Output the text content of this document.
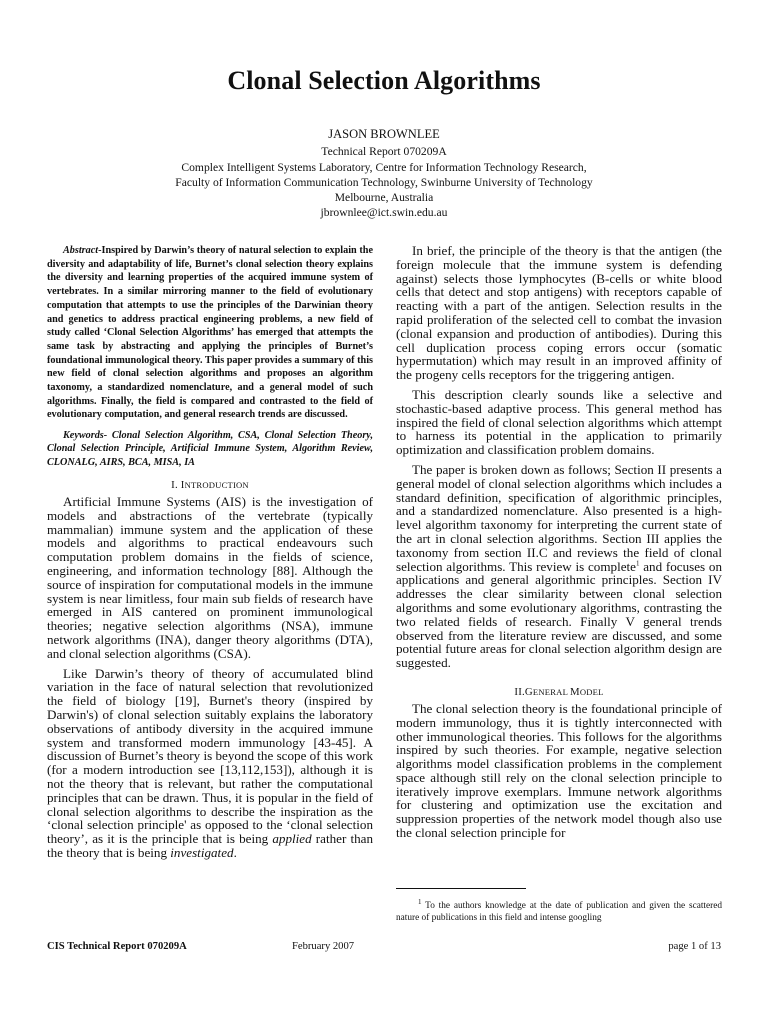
Clonal Selection Algorithms
JASON BROWNLEE
Technical Report 070209A
Complex Intelligent Systems Laboratory, Centre for Information Technology Research,
Faculty of Information Communication Technology, Swinburne University of Technology
Melbourne, Australia
jbrownlee@ict.swin.edu.au

Abstract-Inspired by Darwin’s theory of natural selection to explain the diversity and adaptability of life, Burnet’s clonal selection theory explains the diversity and learning properties of the acquired immune system of vertebrates. In a similar mirroring manner to the field of evolutionary computation that attempts to use the principles of the Darwinian theory and genetics to address practical engineering problems, a new field of study called ‘Clonal Selection Algorithms’ has emerged that attempts the same task by abstracting and applying the principles of Burnet’s foundational immunological theory. This paper provides a summary of this new field of clonal selection algorithms and proposes an algorithm taxonomy, a standardized nomenclature, and a general model of such algorithms. Finally, the field is compared and contrasted to the field of evolutionary computation, and general research trends are discussed.

Keywords- Clonal Selection Algorithm, CSA, Clonal Selection Theory, Clonal Selection Principle, Artificial Immune System, Algorithm Review, CLONALG, AIRS, BCA, MISA, IA

I. INTRODUCTION

Artificial Immune Systems (AIS) is the investigation of models and abstractions of the vertebrate (typically mammalian) immune system and the application of these models and algorithms to practical endeavours such computation problem domains in the fields of science, engineering, and information technology [88]. Although the source of inspiration for computational models in the immune system is near limitless, four main sub fields of research have emerged in AIS cantered on prominent immunological theories; negative selection algorithms (NSA), immune network algorithms (INA), danger theory algorithms (DTA), and clonal selection algorithms (CSA).

Like Darwin’s theory of theory of accumulated blind variation in the face of natural selection that revolutionized the field of biology [19], Burnet's theory (inspired by Darwin's) of clonal selection suitably explains the laboratory observations of antibody diversity in the acquired immune system and transformed modern immunology [43-45]. A discussion of Burnet’s theory is beyond the scope of this work (for a modern introduction see [13,112,153]), although it is not the theory that is relevant, but rather the computational principles that can be drawn. Thus, it is popular in the field of clonal selection algorithms to describe the inspiration as the ‘clonal selection principle' as opposed to the ‘clonal selection theory’, as it is the principle that is being applied rather than the theory that is being investigated.

In brief, the principle of the theory is that the antigen (the foreign molecule that the immune system is defending against) selects those lymphocytes (B-cells or white blood cells that detect and stop antigens) with receptors capable of reacting with a part of the antigen. Selection results in the rapid proliferation of the selected cell to combat the invasion (clonal expansion and production of antibodies). During this cell duplication process coping errors occur (somatic hypermutation) which may result in an improved affinity of the progeny cells receptors for the triggering antigen.

This description clearly sounds like a selective and stochastic-based adaptive process. This general method has inspired the field of clonal selection algorithms which attempt to harness its potential in the application to primarily optimization and classification problem domains.

The paper is broken down as follows; Section II presents a general model of clonal selection algorithms which includes a standard definition, specification of algorithmic principles, and a standardized nomenclature. Also presented is a high-level algorithm taxonomy for interpreting the current state of the art in clonal selection algorithms. Section III applies the taxonomy from section II.C and reviews the field of clonal selection algorithms. This review is complete$^1$ and focuses on applications and general algorithmic principles. Section IV addresses the clear similarity between clonal selection algorithms and some evolutionary algorithms, contrasting the two related fields of research. Finally V general trends observed from the literature review are discussed, and some potential future areas for clonal selection algorithm design are suggested.

II.GENERAL MODEL

The clonal selection theory is the foundational principle of modern immunology, thus it is tightly interconnected with other immunological theories. This follows for the algorithms inspired by such theories. For example, negative selection algorithms model classification problems in the complement space although still rely on the clonal selection principle to iteratively improve exemplars. Immune network algorithms for clustering and optimization use the excitation and suppression properties of the network model though also use the clonal selection principle for

$^1$ To the authors knowledge at the date of publication and given the scattered nature of publications in this field and intense googling
CIS Technical Report 070209A	February 2007	page 1 of 13
